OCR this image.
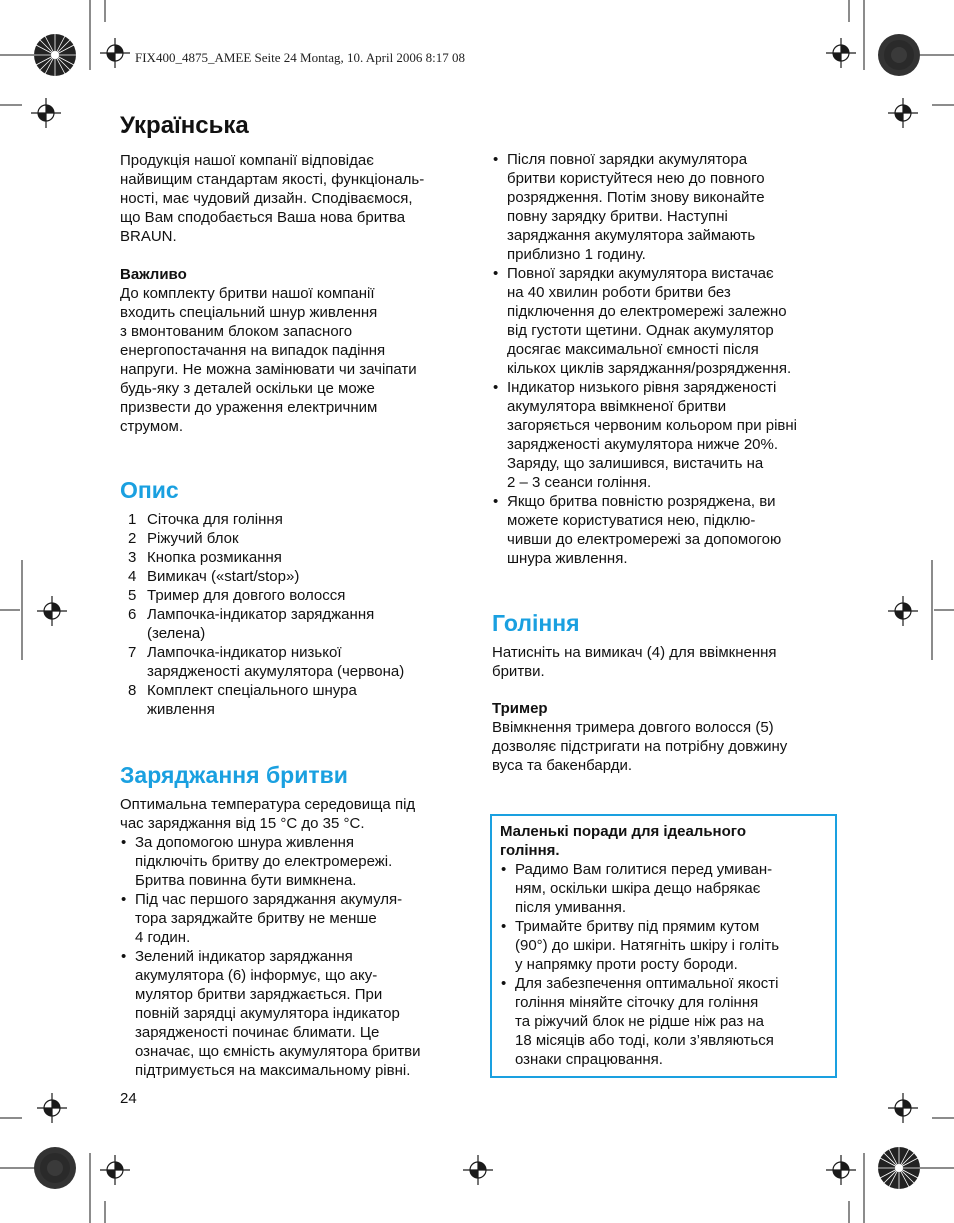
FIX400_4875_AMEE Seite 24 Montag, 10. April 2006 8:17 08
Українська
Продукція нашої компанії відповідає
найвищим стандартам якості, функціональ-
ності, має чудовий дизайн. Сподіваємося,
що Вам сподобається Ваша нова бритва
BRAUN.
Важливо
До комплекту бритви нашої компанії
входить спеціальний шнур живлення
з вмонтованим блоком запасного
енергопостачання на випадок падіння
напруги. Не можна замінювати чи зачіпати
будь-яку з деталей оскільки це може
призвести до ураження електричним
струмом.
Опис
1 Сіточка для гоління
2 Ріжучий блок
3 Кнопка розмикання
4 Вимикач («start/stop»)
5 Тример для довгого волосся
6 Лампочка-індикатор заряджання
(зелена)
7 Лампочка-індикатор низької
зарядженості акумулятора (червона)
8 Комплект спеціального шнура
живлення
Заряджання бритви
Оптимальна температура середовища під
час заряджання від 15 °C до 35 °C.
• За допомогою шнура живлення
підключіть бритву до електромережі.
Бритва повинна бути вимкнена.
• Під час першого заряджання акумуля-
тора заряджайте бритву не менше
4 годин.
• Зелений індикатор заряджання
акумулятора (6) інформує, що аку-
мулятор бритви заряджається. При
повній зарядці акумулятора індикатор
зарядженості починає блимати. Це
означає, що ємність акумулятора бритви
підтримується на максимальному рівні.
• Після повної зарядки акумулятора
бритви користуйтеся нею до повного
розрядження. Потім знову виконайте
повну зарядку бритви. Наступні
заряджання акумулятора займають
приблизно 1 годину.
• Повної зарядки акумулятора вистачає
на 40 хвилин роботи бритви без
підключення до електромережі залежно
від густоти щетини. Однак акумулятор
досягає максимальної ємності після
кількох циклів заряджання/розрядження.
• Індикатор низького рівня зарядженості
акумулятора ввімкненої бритви
загоряється червоним кольором при рівні
зарядженості акумулятора нижче 20%.
Заряду, що залишився, вистачить на
2 – 3 сеанси гоління.
• Якщо бритва повністю розряджена, ви
можете користуватися нею, підклю-
чивши до електромережі за допомогою
шнура живлення.
Гоління
Натисніть на вимикач (4) для ввімкнення
бритви.
Тример
Ввімкнення тримера довгого волосся (5)
дозволяє підстригати на потрібну довжину
вуса та бакенбарди.
Маленькі поради для ідеального
гоління.
• Радимо Вам голитися перед умиван-
ням, оскільки шкіра дещо набрякає
після умивання.
• Тримайте бритву під прямим кутом
(90°) до шкіри. Натягніть шкіру і голіть
у напрямку проти росту бороди.
• Для забезпечення оптимальної якості
гоління міняйте сіточку для гоління
та ріжучий блок не рідше ніж раз на
18 місяців або тоді, коли з’являються
ознаки спрацювання.
24
